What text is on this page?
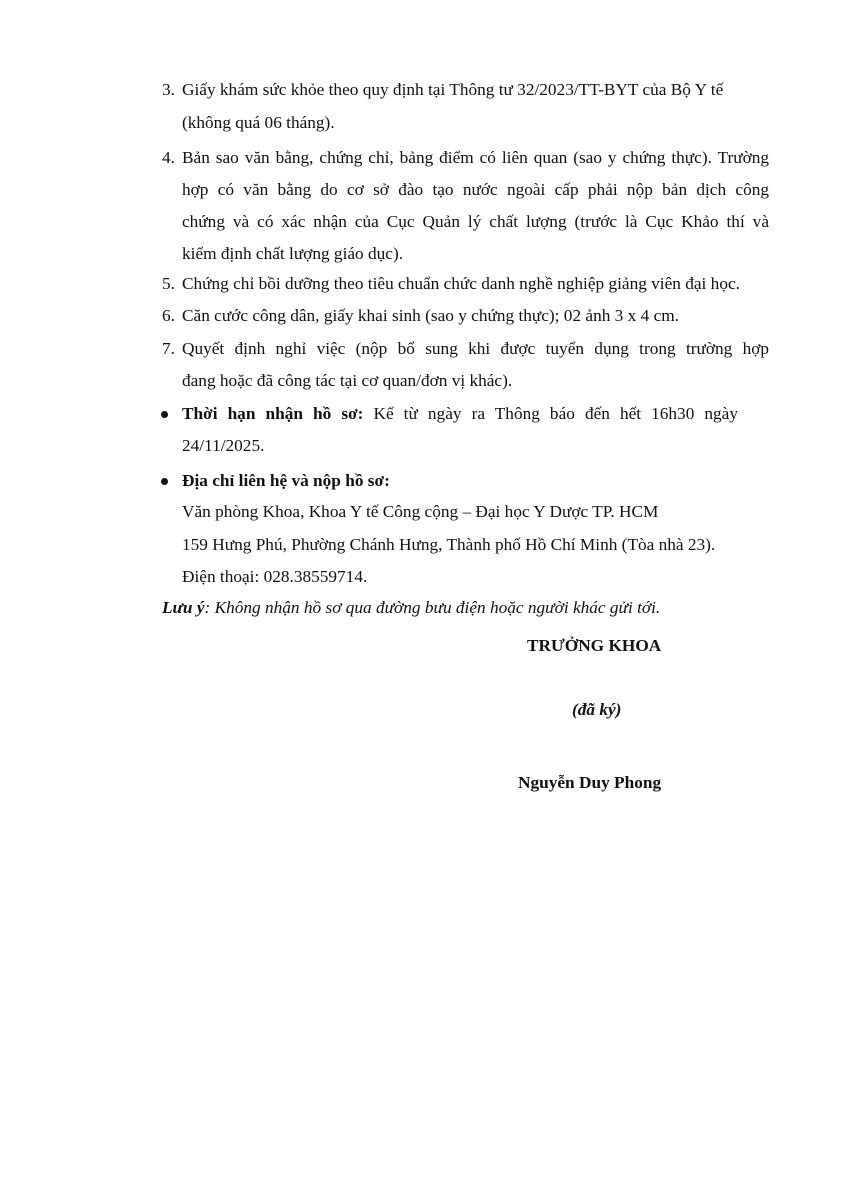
3. Giấy khám sức khỏe theo quy định tại Thông tư 32/2023/TT-BYT của Bộ Y tế
(không quá 06 tháng).
4. Bản sao văn bằng, chứng chỉ, bảng điểm có liên quan (sao y chứng thực). Trường
hợp có văn bằng do cơ sở đào tạo nước ngoài cấp phải nộp bản dịch công
chứng và có xác nhận của Cục Quản lý chất lượng (trước là Cục Khảo thí và
kiểm định chất lượng giáo dục).
5. Chứng chỉ bồi dưỡng theo tiêu chuẩn chức danh nghề nghiệp giảng viên đại học.
6. Căn cước công dân, giấy khai sinh (sao y chứng thực); 02 ảnh 3 x 4 cm.
7. Quyết định nghỉ việc (nộp bổ sung khi được tuyển dụng trong trường hợp
đang hoặc đã công tác tại cơ quan/đơn vị khác).
Thời hạn nhận hồ sơ: Kể từ ngày ra Thông báo đến hết 16h30 ngày
24/11/2025.
Địa chỉ liên hệ và nộp hồ sơ:
Văn phòng Khoa, Khoa Y tế Công cộng – Đại học Y Dược TP. HCM
159 Hưng Phú, Phường Chánh Hưng, Thành phố Hồ Chí Minh (Tòa nhà 23).
Điện thoại: 028.38559714.
Lưu ý: Không nhận hồ sơ qua đường bưu điện hoặc người khác gửi tới.
TRƯỞNG KHOA
(đã ký)
Nguyễn Duy Phong
